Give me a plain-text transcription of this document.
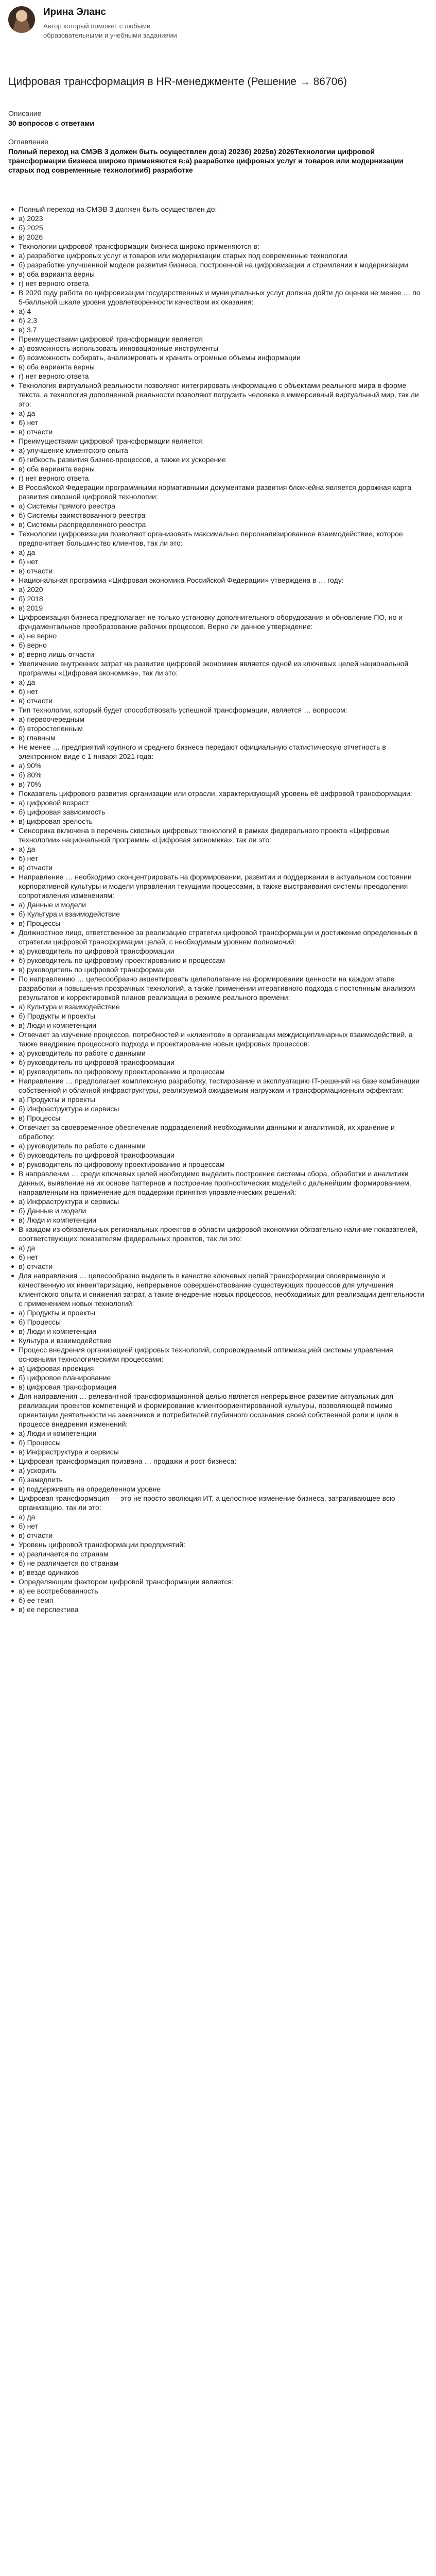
Ирина Эланс
Автор который поможет с любыми образовательными и учебными заданиями
Цифровая трансформация в HR-менеджменте (Решение → 86706)
Описание
30 вопросов с ответами
Оглавление
Полный переход на СМЭВ 3 должен быть осуществлен до:а) 2023б) 2025в) 2026Технологии цифровой трансформации бизнеса широко применяются в:а) разработке цифровых услуг и товаров или модернизации старых под современные технологииб) разработке
Полный переход на СМЭВ 3 должен быть осуществлен до:
а) 2023
б) 2025
в) 2026
Технологии цифровой трансформации бизнеса широко применяются в:
а) разработке цифровых услуг и товаров или модернизации старых под современные технологии
б) разработке улучшенной модели развития бизнеса, построенной на цифровизации и стремлении к модернизации
в) оба варианта верны
г) нет верного ответа
В 2020 году работа по цифровизации государственных и муниципальных услуг должна дойти до оценки не менее … по 5-балльной шкале уровня удовлетворенности качеством их оказания:
а) 4
б) 2,3
в) 3.7
Преимуществами цифровой трансформации является:
а) возможность использовать инновационные инструменты
б) возможность собирать, анализировать и хранить огромные объемы информации
в) оба варианта верны
г) нет верного ответа
Технология виртуальной реальности позволяют интегрировать информацию с объектами реального мира в форме текста, а технология дополненной реальности позволяют погрузить человека в иммерсивный виртуальный мир, так ли это:
а) да
б) нет
в) отчасти
Преимуществами цифровой трансформации является:
а) улучшение клиентского опыта
б) гибкость развития бизнес-процессов, а также их ускорение
в) оба варианта верны
г) нет верного ответа
В Российской Федерации программными нормативными документами развития блокчейна является дорожная карта развития сквозной цифровой технологии:
а) Системы прямого реестра
б) Системы заимствованного реестра
в) Системы распределенного реестра
Технологии цифровизации позволяют организовать максимально персонализированное взаимодействие, которое предпочитает большинство клиентов, так ли это:
а) да
б) нет
в) отчасти
Национальная программа «Цифровая экономика Российской Федерации» утверждена в … году:
а) 2020
б) 2018
в) 2019
Цифровизация бизнеса предполагает не только установку дополнительного оборудования и обновление ПО, но и фундаментальное преобразование рабочих процессов. Верно ли данное утверждение:
а) не верно
б) верно
в) верно лишь отчасти
Увеличение внутренних затрат на развитие цифровой экономики является одной из ключевых целей национальной программы «Цифровая экономика», так ли это:
а) да
б) нет
в) отчасти
Тип технологии, который будет способствовать успешной трансформации, является … вопросом:
а) первоочередным
б) второстепенным
в) главным
Не менее … предприятий крупного и среднего бизнеса передают официальную статистическую отчетность в электронном виде с 1 января 2021 года:
а) 90%
б) 80%
в) 70%
Показатель цифрового развития организации или отрасли, характеризующий уровень её цифровой трансформации:
а) цифровой возраст
б) цифровая зависимость
в) цифровая зрелость
Сенсорика включена в перечень сквозных цифровых технологий в рамках федерального проекта «Цифровые технологии» национальной программы «Цифровая экономика», так ли это:
а) да
б) нет
в) отчасти
Направление … необходимо сконцентрировать на формировании, развитии и поддержании в актуальном состоянии корпоративной культуры и модели управления текущими процессами, а также выстраивания системы преодоления сопротивления изменениям:
а) Данные и модели
б) Культура и взаимодействие
в) Процессы
Должностное лицо, ответственное за реализацию стратегии цифровой трансформации и достижение определенных в стратегии цифровой трансформации целей, с необходимым уровнем полномочий:
а) руководитель по цифровой трансформации
б) руководитель по цифровому проектированию и процессам
в) руководитель по цифровой трансформации
По направлению … целесообразно акцентировать целеполагание на формировании ценности на каждом этапе разработки и повышения прозрачных технологий, а также применении итеративного подхода с постоянным анализом результатов и корректировкой планов реализации в режиме реального времени:
а) Культура и взаимодействие
б) Продукты и проекты
в) Люди и компетенции
Отвечает за изучение процессов, потребностей и «клиентов» в организации междисциплинарных взаимодействий, а также внедрение процессного подхода и проектирование новых цифровых процессов:
а) руководитель по работе с данными
б) руководитель по цифровой трансформации
в) руководитель по цифровому проектированию и процессам
Направление … предполагает комплексную разработку, тестирование и эксплуатацию IT-решений на базе комбинации собственной и облачной инфраструктуры, реализуемой ожидаемым нагрузкам и трансформационным эффектам:
а) Продукты и проекты
б) Инфраструктура и сервисы
в) Процессы
Отвечает за своевременное обеспечение подразделений необходимыми данными и аналитикой, их хранение и обработку:
а) руководитель по работе с данными
б) руководитель по цифровой трансформации
в) руководитель по цифровому проектированию и процессам
В направлении … среди ключевых целей необходимо выделить построение системы сбора, обработки и аналитики данных, выявление на их основе паттернов и построение прогностических моделей с дальнейшим формированием, направленным на применение для поддержки принятия управленческих решений:
а) Инфраструктура и сервисы
б) Данные и модели
в) Люди и компетенции
В каждом из обязательных региональных проектов в области цифровой экономики обязательно наличие показателей, соответствующих показателям федеральных проектов, так ли это:
а) да
б) нет
в) отчасти
Для направления … целесообразно выделить в качестве ключевых целей трансформации своевременную и качественную их инвентаризацию, непрерывное совершенствование существующих процессов для улучшения клиентского опыта и снижения затрат, а также внедрение новых процессов, необходимых для реализации деятельности с применением новых технологий:
а) Продукты и проекты
б) Процессы
в) Люди и компетенции
Культура и взаимодействие
Процесс внедрения организацией цифровых технологий, сопровождаемый оптимизацией системы управления основными технологическими процессами:
а) цифровая проекция
б) цифровое планирование
в) цифровая трансформация
Для направления … релевантной трансформационной целью является непрерывное развитие актуальных для реализации проектов компетенций и формирование клиентоориентированной культуры, позволяющей помимо ориентации деятельности на заказчиков и потребителей глубинного осознания своей собственной роли и цели в процессе внедрения изменений:
а) Люди и компетенции
б) Процессы
в) Инфраструктура и сервисы
Цифровая трансформация призвана … продажи и рост бизнеса:
а) ускорить
б) замедлить
в) поддерживать на определенном уровне
Цифровая трансформация — это не просто эволюция ИТ, а целостное изменение бизнеса, затрагивающее всю организацию, так ли это:
а) да
б) нет
в) отчасти
Уровень цифровой трансформации предприятий:
а) различается по странам
б) не различается по странам
в) везде одинаков
Определяющим фактором цифровой трансформации является:
а) ее востребованность
б) ее темп
в) ее перспектива
